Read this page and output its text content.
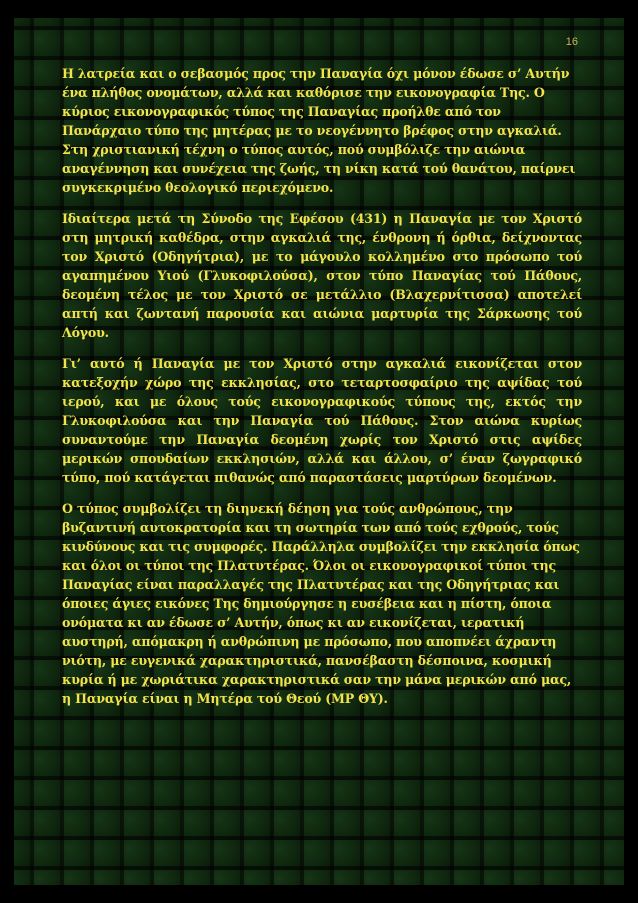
16

Η λατρεία και ο σεβασμός προς την Παναγία όχι μόνον έδωσε σ’ Αυτήν ένα πλήθος ονομάτων, αλλά και καθόρισε την εικονογραφία Της. Ο κύριος εικονογραφικός τύπος της Παναγίας προήλθε από τον Πανάρχαιο τύπο της μητέρας με το νεογέννητο βρέφος στην αγκαλιά. Στη χριστιανική τέχνη ο τύπος αυτός, πού συμβόλιζε την αιώνια αναγέννηση και συνέχεια της ζωής, τη νίκη κατά τού θανάτου, παίρνει συγκεκριμένο θεολογικό περιεχόμενο.

Ιδιαίτερα μετά τη Σύνοδο της Εφέσου (431) η Παναγία με τον Χριστό στη μητρική καθέδρα, στην αγκαλιά της, ένθρονη ή όρθια, δείχνοντας τον Χριστό (Οδηγήτρια), με το μάγουλο κολλημένο στο πρόσωπο τού αγαπημένου Υιού (Γλυκοφιλούσα), στον τύπο Παναγίας τού Πάθους, δεομένη τέλος με τον Χριστό σε μετάλλιο (Βλαχερνίτισσα) αποτελεί απτή και ζωντανή παρουσία και αιώνια μαρτυρία της Σάρκωσης τού Λόγου.

Γι’ αυτό ή Παναγία με τον Χριστό στην αγκαλιά εικονίζεται στον κατεξοχήν χώρο της εκκλησίας, στο τεταρτοσφαίριο της αψίδας τού ιερού, και με όλους τούς εικονογραφικούς τύπους της, εκτός την Γλυκοφιλούσα και την Παναγία τού Πάθους. Στον αιώνα κυρίως συναντούμε την Παναγία δεομένη χωρίς τον Χριστό στις αψίδες μερικών σπουδαίων εκκλησιών, αλλά και άλλου, σ’ έναν ζωγραφικό τύπο, πού κατάγεται πιθανώς από παραστάσεις μαρτύρων δεομένων.

Ο τύπος συμβολίζει τη διηνεκή δέηση για τούς ανθρώπους, την βυζαντινή αυτοκρατορία και τη σωτηρία των από τούς εχθρούς, τούς κινδύνους και τις συμφορές. Παράλληλα συμβολίζει την εκκλησία όπως και όλοι οι τύποι της Πλατυτέρας. Όλοι οι εικονογραφικοί τύποι της Παναγίας είναι παραλλαγές της Πλατυτέρας και της Οδηγήτριας και όποιες άγιες εικόνες Της δημιούργησε η ευσέβεια και η πίστη, όποια ονόματα κι αν έδωσε σ’ Αυτήν, όπως κι αν εικονίζεται, ιερατική αυστηρή, απόμακρη ή ανθρώπινη με πρόσωπο, που αποπνέει άχραντη νιότη, με ευγενικά χαρακτηριστικά, πανσέβαστη δέσποινα, κοσμική κυρία ή με χωριάτικα χαρακτηριστικά σαν την μάνα μερικών από μας, η Παναγία είναι η Μητέρα τού Θεού (ΜΡ ΘΥ).
